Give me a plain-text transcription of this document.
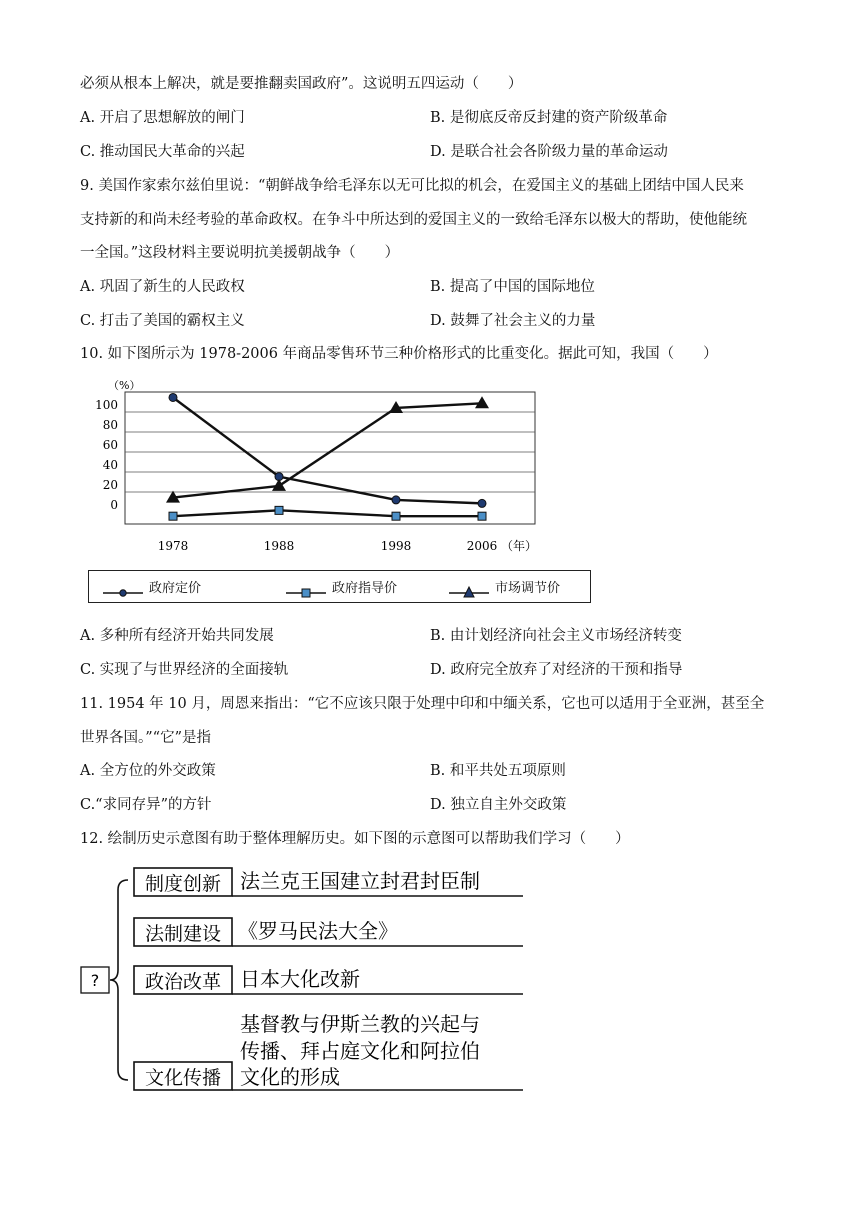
必须从根本上解决，就是要推翻卖国政府”。这说明五四运动（　　）
A. 开启了思想解放的闸门	B. 是彻底反帝反封建的资产阶级革命
C. 推动国民大革命的兴起	D. 是联合社会各阶级力量的革命运动
9. 美国作家索尔兹伯里说：“朝鲜战争给毛泽东以无可比拟的机会，在爱国主义的基础上团结中国人民来
支持新的和尚未经考验的革命政权。在争斗中所达到的爱国主义的一致给毛泽东以极大的帮助，使他能统
一全国。”这段材料主要说明抗美援朝战争（　　）
A. 巩固了新生的人民政权	B. 提高了中国的国际地位
C. 打击了美国的霸权主义	D. 鼓舞了社会主义的力量
10. 如下图所示为 1978-2006 年商品零售环节三种价格形式的比重变化。据此可知，我国（　　）
（%）
100
80
60
40
20
0
1978	1988	1998	2006 （年）
政府定价	政府指导价	市场调节价
A. 多种所有经济开始共同发展	B. 由计划经济向社会主义市场经济转变
C. 实现了与世界经济的全面接轨	D. 政府完全放弃了对经济的干预和指导
11. 1954 年 10 月，周恩来指出：“它不应该只限于处理中印和中缅关系，它也可以适用于全亚洲，甚至全
世界各国。”“它”是指
A. 全方位的外交政策	B. 和平共处五项原则
C.“求同存异”的方针	D. 独立自主外交政策
12. 绘制历史示意图有助于整体理解历史。如下图的示意图可以帮助我们学习（　　）
?
制度创新 法兰克王国建立封君封臣制
法制建设 《罗马民法大全》
政治改革 日本大化改新
基督教与伊斯兰教的兴起与
传播、拜占庭文化和阿拉伯
文化传播 文化的形成
